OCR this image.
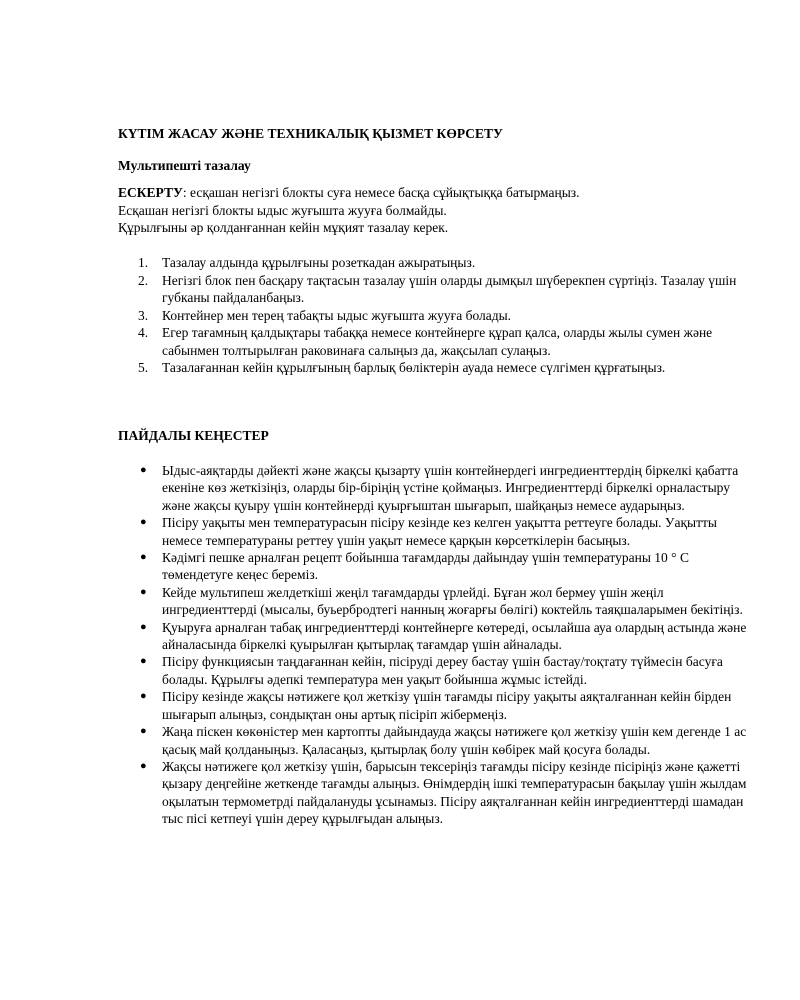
КҮТІМ ЖАСАУ ЖӘНЕ ТЕХНИКАЛЫҚ ҚЫЗМЕТ КӨРСЕТУ
Мультипешті тазалау
ЕСКЕРТУ: есқашан негізгі блокты суға немесе басқа сұйықтыққа батырмаңыз.
Есқашан негізгі блокты ыдыс жуғышта жууға болмайды.
Құрылғыны әр қолданғаннан кейін мұқият тазалау керек.
1.	Тазалау алдында құрылғыны розеткадан ажыратыңыз.
2.	Негізгі блок пен басқару тақтасын тазалау үшін оларды дымқыл шүберекпен сүртіңіз. Тазалау үшін губканы пайдаланбаңыз.
3.	Контейнер мен терең табақты ыдыс жуғышта жууға болады.
4.	Егер тағамның қалдықтары табаққа немесе контейнерге құрап қалса, оларды жылы сумен және сабынмен толтырылған раковинаға салыңыз да, жақсылап сулаңыз.
5.	Тазалағаннан кейін құрылғының барлық бөліктерін ауада немесе сүлгімен құрғатыңыз.
ПАЙДАЛЫ КЕҢЕСТЕР
●	Ыдыс-аяқтарды дәйекті және жақсы қызарту үшін контейнердегі ингредиенттердің біркелкі қабатта екеніне көз жеткізіңіз, оларды бір-біріңің үстіне қоймаңыз. Ингредиенттерді біркелкі орналастыру және жақсы қуыру үшін контейнерді қуырғыштан шығарып, шайқаңыз немесе аударыңыз.
●	Пісіру уақыты мен температурасын пісіру кезінде кез келген уақытта реттеуге болады. Уақытты немесе температураны реттеу үшін уақыт немесе қарқын көрсеткілерін басыңыз.
●	Кәдімгі пешке арналған рецепт бойынша тағамдарды дайындау үшін температураны 10 ° С төмендетуге кеңес береміз.
●	Кейде мультипеш желдеткіші жеңіл тағамдарды үрлейді. Бұған жол бермеу үшін жеңіл ингредиенттерді (мысалы, буьербродтегі нанның жоғарғы бөлігі) коктейль таяқшаларымен бекітіңіз.
●	Қуыруға арналған табақ ингредиенттерді контейнерге көтереді, осылайша ауа олардың астында және айналасында біркелкі қуырылған қытырлақ тағамдар үшін айналады.
●	Пісіру функциясын таңдағаннан кейін, пісіруді дереу бастау үшін бастау/тоқтату түймесін басуға болады. Құрылғы әдепкі температура мен уақыт бойынша жұмыс істейді.
●	Пісіру кезінде жақсы нәтижеге қол жеткізу үшін тағамды пісіру уақыты аяқталғаннан кейін бірден шығарып алыңыз, сондықтан оны артық пісіріп жібермеңіз.
●	Жаңа піскен көкөністер мен картопты дайындауда жақсы нәтижеге қол жеткізу үшін кем дегенде 1 ас қасық май қолданыңыз. Қаласаңыз, қытырлақ болу үшін көбірек май қосуға болады.
●	Жақсы нәтижеге қол жеткізу үшін, барысын тексеріңіз тағамды пісіру кезінде пісіріңіз және қажетті қызару деңгейіне жеткенде тағамды алыңыз. Өнімдердің ішкі температурасын бақылау үшін жылдам оқылатын термометрді пайдалануды ұсынамыз. Пісіру аяқталғаннан кейін ингредиенттерді шамадан тыс пісі кетпеуі үшін дереу құрылғыдан алыңыз.
